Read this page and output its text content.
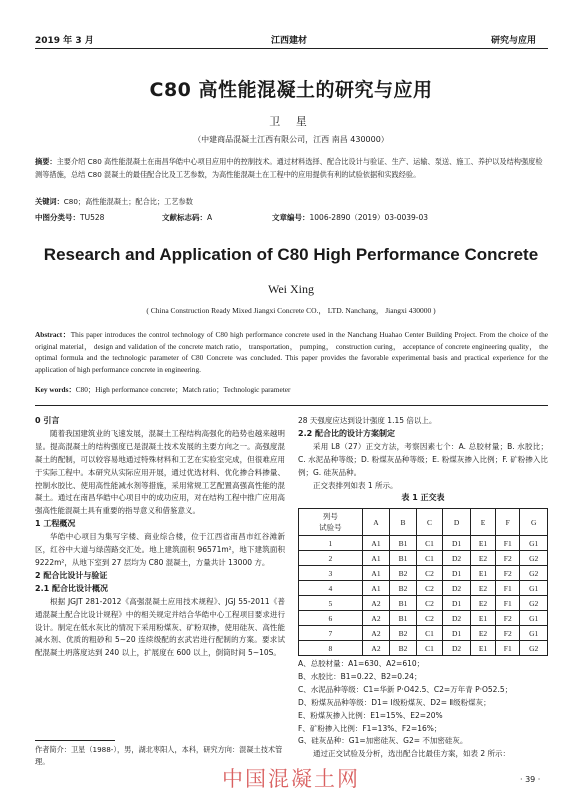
2019 年 3 月	江西建材	研究与应用
C80 高性能混凝土的研究与应用
卫 星
（中建商品混凝土江西有限公司，江西 南昌 430000）
摘要：主要介绍 C80 高性能混凝土在南昌华皓中心项目应用中的控制技术。通过材料选择、配合比设计与验证、生产、运输、泵送、施工、养护以及结构强度检测等措施，总结 C80 混凝土的最佳配合比及工艺参数，为高性能混凝土在工程中的应用提供有利的试验依据和实践经验。
关键词：C80；高性能混凝土；配合比；工艺参数
中图分类号：TU528	文献标志码：A	文章编号：1006-2890（2019）03-0039-03
Research and Application of C80 High Performance Concrete
Wei Xing
( China Construction Ready Mixed Jiangxi Concrete CO.， LTD. Nanchang， Jiangxi 430000 )
Abstract：This paper introduces the control technology of C80 high performance concrete used in the Nanchang Huahao Center Building Project. From the choice of the original material， design and validation of the concrete match ratio， transportation， pumping， construction curing， acceptance of concrete engineering quality， the optimal formula and the technologic parameter of C80 Concrete was concluded. This paper provides the favorable experimental basis and practical experience for the application of high performance concrete in engineering.
Key words：C80；High performance concrete；Match ratio；Technologic parameter
0 引言

随着我国建筑业的飞速发展，混凝土工程结构高强化的趋势也越来越明显。提高混凝土的结构强度已是混凝土技术发展的主要方向之一。高强度混凝土的配制，可以较容易地通过特殊材料和工艺在实验室完成，但很难应用于实际工程中。本研究从实际应用开展，通过优选材料、优化掺合料掺量、控制水胶比、使用高性能减水剂等措施，采用常规工艺配置高强高性能的混凝土。通过在南昌华皓中心项目中的成功应用，对在结构工程中推广应用高强高性能混凝土具有重要的指导意义和借鉴意义。

1 工程概况

华皓中心项目为集写字楼、商业综合楼，位于江西省南昌市红谷滩新区，红谷中大道与绿茵路交汇处。地上建筑面积 96571m²，地下建筑面积 9222m²，从地下室到 27 层均为 C80 混凝土，方量共计 13000 方。

2 配合比设计与验证
2.1 配合比设计概况

根据 JGJT 281-2012《高强混凝土应用技术规程》、JGJ 55-2011《普通混凝土配合比设计规程》中的相关规定并结合华皓中心工程项目要求进行设计。制定在低水灰比的情况下采用粉煤灰、矿粉双掺，使用硅灰、高性能减水剂、优质的粗砂和 5~20 连续级配的玄武岩进行配制的方案。要求试配混凝土坍落度达到 240 以上，扩展度在 600 以上，倒筒时间 5~10S。

28 天强度应达到设计强度 1.15 倍以上。
2.2 配合比的设计方案制定

采用 L8（27）正交方法，考察因素七个：A. 总胶材量；B. 水胶比；C. 水泥品种等级；D. 粉煤灰品种等级；E. 粉煤灰掺入比例；F. 矿粉掺入比例；G. 硅灰品种。

正交表排列如表 1 所示。

表 1 正交表
列号
试验号	A	B	C	D	E	F	G
1	A1	B1	C1	D1	E1	F1	G1
2	A1	B1	C1	D2	E2	F2	G2
3	A1	B2	C2	D1	E1	F2	G2
4	A1	B2	C2	D2	E2	F1	G1
5	A2	B1	C2	D1	E2	F1	G2
6	A2	B1	C2	D2	E1	F2	G1
7	A2	B2	C1	D1	E2	F2	G1
8	A2	B2	C1	D2	E1	F1	G2
A、总胶材量：A1=630、A2=610；
B、水胶比：B1=0.22、B2=0.24；
C、水泥品种等级：C1=华新 P·O42.5、C2=万年青 P·O52.5；
D、粉煤灰品种等级：D1= Ⅰ级粉煤灰、D2= Ⅱ级粉煤灰；
E、粉煤灰掺入比例：E1=15%、E2=20%
F、矿粉掺入比例：F1=13%、F2=16%；
G、硅灰品种：G1=加密硅灰、G2= 不加密硅灰。
通过正交试验及分析，选出配合比最佳方案，如表 2 所示：
作者简介：卫星（1988-），男，湖北枣阳人，本科，研究方向：混凝土技术管理。
中国混凝土网	· 39 ·
